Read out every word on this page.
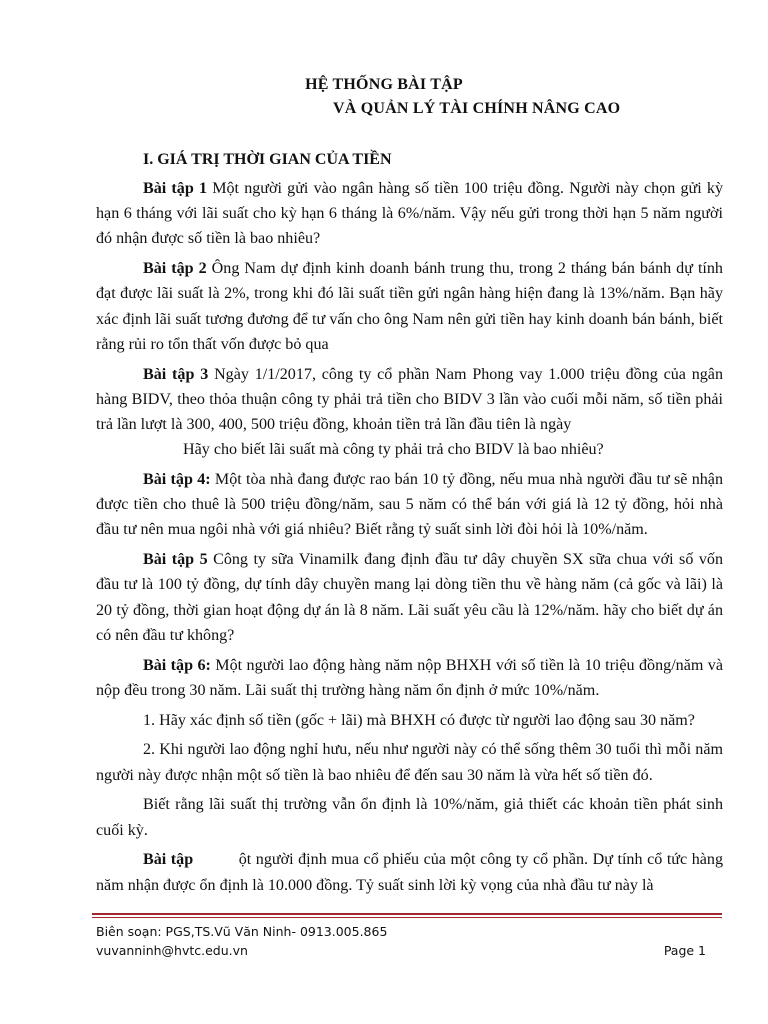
HỆ THỐNG BÀI TẬP
VÀ QUẢN LÝ TÀI CHÍNH NÂNG CAO
I. GIÁ TRỊ THỜI GIAN CỦA TIỀN

Bài tập 1 Một người gửi vào ngân hàng số tiền 100 triệu đồng. Người này chọn gửi kỳ hạn 6 tháng với lãi suất cho kỳ hạn 6 tháng là 6%/năm. Vậy nếu gửi trong thời hạn 5 năm người đó nhận được số tiền là bao nhiêu?

Bài tập 2 Ông Nam dự định kinh doanh bánh trung thu, trong 2 tháng bán bánh dự tính đạt được lãi suất là 2%, trong khi đó lãi suất tiền gửi ngân hàng hiện đang là 13%/năm. Bạn hãy xác định lãi suất tương đương để tư vấn cho ông Nam nên gửi tiền hay kinh doanh bán bánh, biết rằng rủi ro tổn thất vốn được bỏ qua

Bài tập 3 Ngày 1/1/2017, công ty cổ phần Nam Phong vay 1.000 triệu đồng của ngân hàng BIDV, theo thỏa thuận công ty phải trả tiền cho BIDV 3 lần vào cuối mỗi năm, số tiền phải trả lần lượt là 300, 400, 500 triệu đồng, khoản tiền trả lần đầu tiên là ngày

Hãy cho biết lãi suất mà công ty phải trả cho BIDV là bao nhiêu?

Bài tập 4: Một tòa nhà đang được rao bán 10 tỷ đồng, nếu mua nhà người đầu tư sẽ nhận được tiền cho thuê là 500 triệu đồng/năm, sau 5 năm có thể bán với giá là 12 tỷ đồng, hỏi nhà đầu tư nên mua ngôi nhà với giá nhiêu? Biết rằng tỷ suất sinh lời đòi hỏi là 10%/năm.

Bài tập 5 Công ty sữa Vinamilk đang định đầu tư dây chuyền SX sữa chua với số vốn đầu tư là 100 tỷ đồng, dự tính dây chuyền mang lại dòng tiền thu về hàng năm (cả gốc và lãi) là 20 tỷ đồng, thời gian hoạt động dự án là 8 năm. Lãi suất yêu cầu là 12%/năm. hãy cho biết dự án có nên đầu tư không?

Bài tập 6: Một người lao động hàng năm nộp BHXH với số tiền là 10 triệu đồng/năm và nộp đều trong 30 năm. Lãi suất thị trường hàng năm ổn định ở mức 10%/năm.

1. Hãy xác định số tiền (gốc + lãi) mà BHXH có được từ người lao động sau 30 năm?

2. Khi người lao động nghỉ hưu, nếu như người này có thể sống thêm 30 tuổi thì mỗi năm người này được nhận một số tiền là bao nhiêu để đến sau 30 năm là vừa hết số tiền đó.

Biết rằng lãi suất thị trường vẫn ổn định là 10%/năm, giả thiết các khoản tiền phát sinh cuối kỳ.

Bài tập          ột người định mua cổ phiếu của một công ty cổ phần. Dự tính cổ tức hàng năm nhận được ổn định là 10.000 đồng. Tỷ suất sinh lời kỳ vọng của nhà đầu tư này là

Biên soạn: PGS,TS.Vũ Văn Ninh- 0913.005.865
vuvanninh@hvtc.edu.vn	Page 1
